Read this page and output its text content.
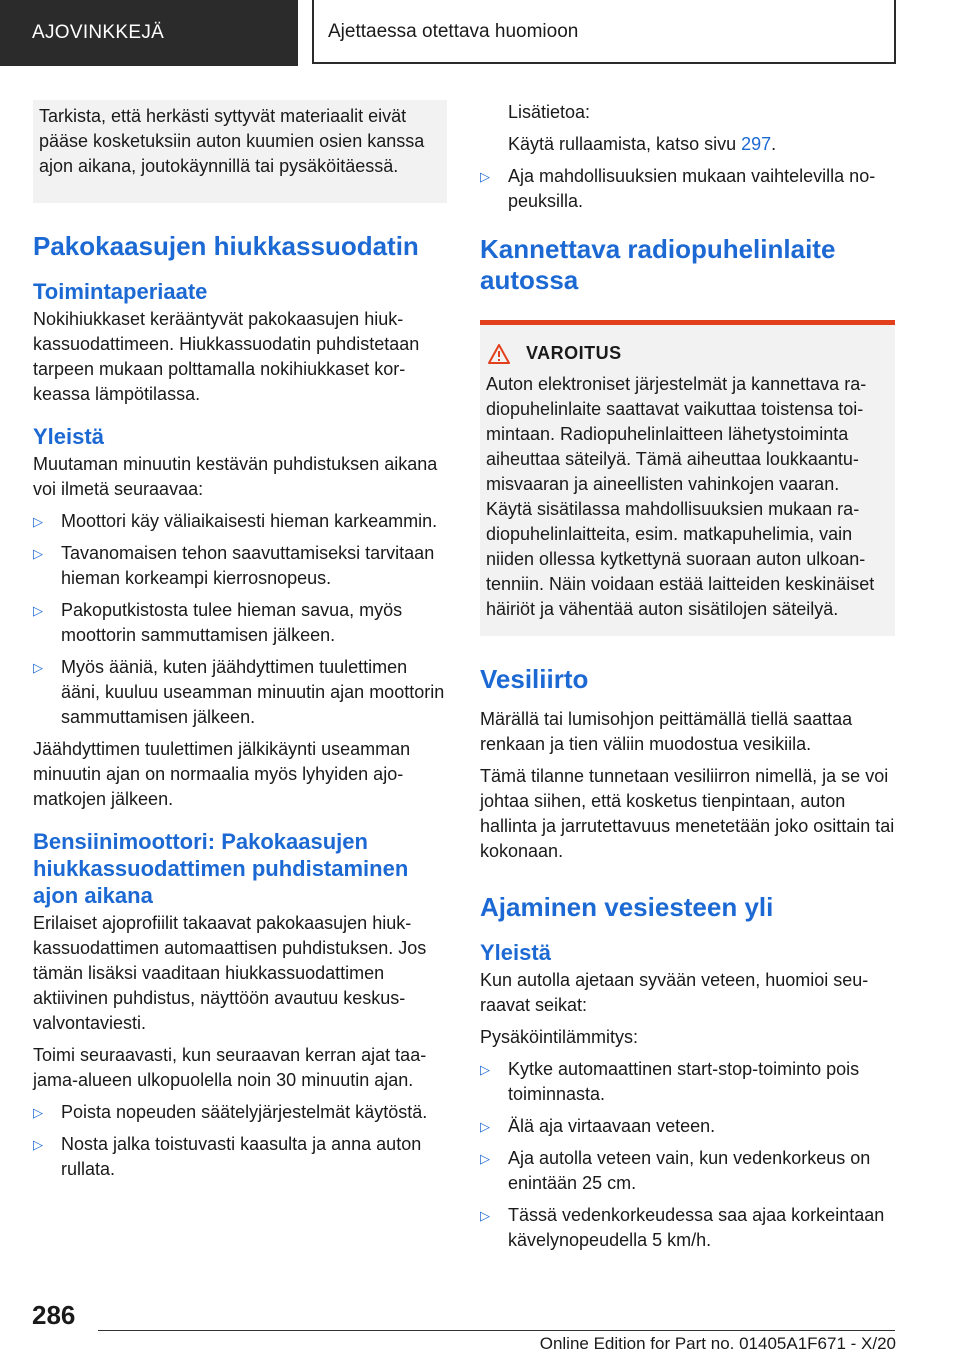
AJOVINKKEJÄ	Ajettaessa otettava huomioon

Tarkista, että herkästi syttyvät materiaalit eivät pääse kosketuksiin auton kuumien osien kanssa ajon aikana, joutokäynnillä tai pysäköitäessä.

Pakokaasujen hiukkassuodatin
Toimintaperiaate

Nokihiukkaset kerääntyvät pakokaasujen hiukkassuodattimeen. Hiukkassuodatin puhdistetaan tarpeen mukaan polttamalla nokihiukkaset korkeassa lämpötilassa.

Yleistä

Muutaman minuutin kestävän puhdistuksen aikana voi ilmetä seuraavaa:

▷ Moottori käy väliaikaisesti hieman karkeammin.
▷ Tavanomaisen tehon saavuttamiseksi tarvitaan hieman korkeampi kierrosnopeus.
▷ Pakoputkistosta tulee hieman savua, myös moottorin sammuttamisen jälkeen.
▷ Myös ääniä, kuten jäähdyttimen tuulettimen ääni, kuuluu useamman minuutin ajan moottorin sammuttamisen jälkeen.

Jäähdyttimen tuulettimen jälkikäynti useamman minuutin ajan on normaalia myös lyhyiden ajomatkojen jälkeen.

Bensiinimoottori: Pakokaasujen hiukkassuodattimen puhdistaminen ajon aikana

Erilaiset ajoprofiilit takaavat pakokaasujen hiukkassuodattimen automaattisen puhdistuksen. Jos tämän lisäksi vaaditaan hiukkassuodattimen aktiivinen puhdistus, näyttöön avautuu keskusvalvontaviesti.

Toimi seuraavasti, kun seuraavan kerran ajat taajama-alueen ulkopuolella noin 30 minuutin ajan.

▷ Poista nopeuden säätelyjärjestelmät käytöstä.
▷ Nosta jalka toistuvasti kaasulta ja anna auton rullata.

Lisätietoa:

Käytä rullaamista, katso sivu 297.

▷ Aja mahdollisuuksien mukaan vaihtelevilla nopeuksilla.
Kannettava radiopuhelinlaite autossa
VAROITUS

Auton elektroniset järjestelmät ja kannettava radiopuhelinlaite saattavat vaikuttaa toistensa toimintaan. Radiopuhelinlaitteen lähetystoiminta aiheuttaa säteilyä. Tämä aiheuttaa loukkaantumisvaaran ja aineellisten vahinkojen vaaran.

Käytä sisätilassa mahdollisuuksien mukaan radiopuhelinlaitteita, esim. matkapuhelimia, vain niiden ollessa kytkettynä suoraan auton ulkoantenniin. Näin voidaan estää laitteiden keskinäiset häiriöt ja vähentää auton sisätilojen säteilyä.

Vesiliirto

Märällä tai lumisohjon peittämällä tiellä saattaa renkaan ja tien väliin muodostua vesikiila.

Tämä tilanne tunnetaan vesiliirron nimellä, ja se voi johtaa siihen, että kosketus tienpintaan, auton hallinta ja jarrutettavuus menetetään joko osittain tai kokonaan.

Ajaminen vesiesteen yli
Yleistä

Kun autolla ajetaan syvään veteen, huomioi seuraavat seikat:

Pysäköintilämmitys:

▷ Kytke automaattinen start-stop-toiminto pois toiminnasta.
▷ Älä aja virtaavaan veteen.
▷ Aja autolla veteen vain, kun vedenkorkeus on enintään 25 cm.
▷ Tässä vedenkorkeudessa saa ajaa korkeintaan kävelynopeudella 5 km/h.
286
Online Edition for Part no. 01405A1F671 - X/20
